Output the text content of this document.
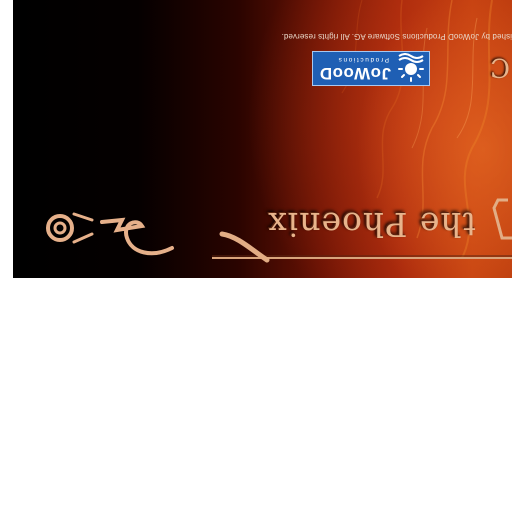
ished by JoWooD Productions Software AG. All rights reserved.
JoWooD
Productions
the Phoenix
C
